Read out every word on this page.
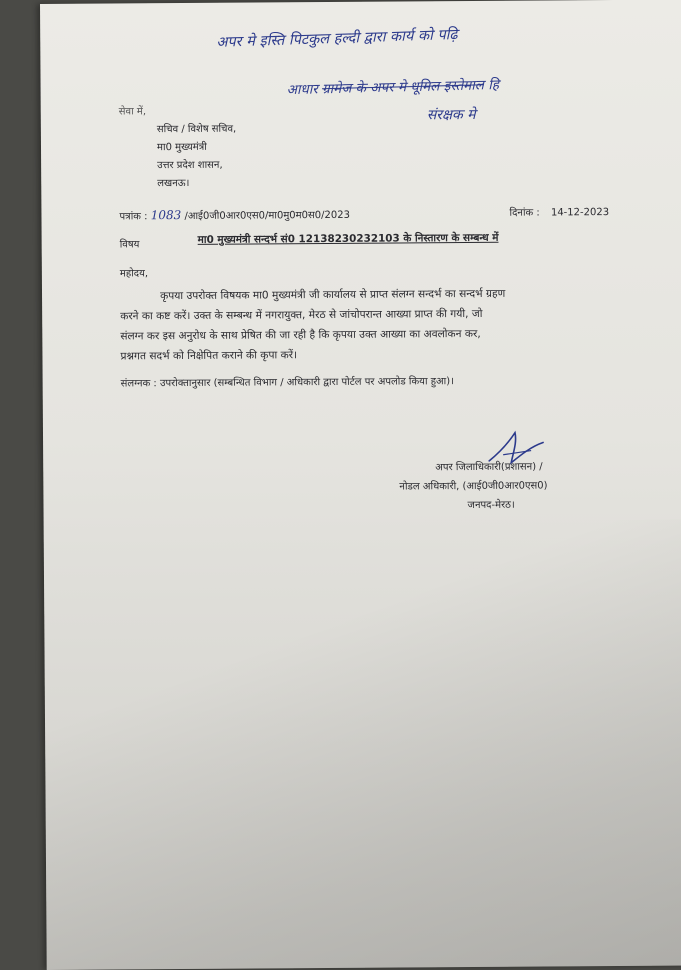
अपर मे इस्ति पिटकुल हल्दी द्वारा कार्य को पढ़ि
आधार ग्रामेज के अपर मे धूमिल इस्तेमाल हि
संरक्षक मे
सेवा में,
सचिव / विशेष सचिव,
मा0 मुख्यमंत्री
उत्तर प्रदेश शासन,
लखनऊ।
पत्रांक : 1083 /आई0जी0आर0एस0/मा0मु0म0स0/2023	दिनांक : 14-12-2023
विषय	मा0 मुख्यमंत्री सन्दर्भ सं0 12138230232103 के निस्तारण के सम्बन्ध में
महोदय,
कृपया उपरोक्त विषयक मा0 मुख्यमंत्री जी कार्यालय से प्राप्त संलग्न सन्दर्भ का सन्दर्भ ग्रहण
करने का कष्ट करें। उक्त के सम्बन्ध में नगरायुक्त, मेरठ से जांचोपरान्त आख्या प्राप्त की गयी, जो
संलग्न कर इस अनुरोध के साथ प्रेषित की जा रही है कि कृपया उक्त आख्या का अवलोकन कर,
प्रश्नगत सदर्भ को निक्षेपित कराने की कृपा करें।
संलग्नक : उपरोक्तानुसार (सम्बन्धित विभाग / अधिकारी द्वारा पोर्टल पर अपलोड किया हुआ)।
अपर जिलाधिकारी(प्रशासन) /
नोडल अधिकारी, (आई0जी0आर0एस0)
जनपद-मेरठ।
